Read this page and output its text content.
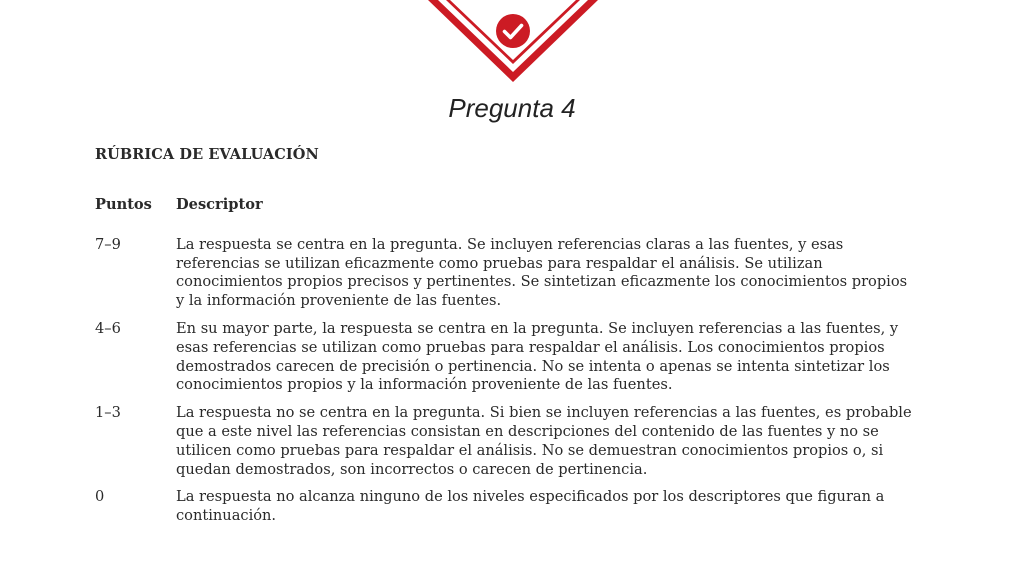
Pregunta 4
RÚBRICA DE EVALUACIÓN
Puntos	Descriptor
7–9	La respuesta se centra en la pregunta. Se incluyen referencias claras a las fuentes, y esas referencias se utilizan eficazmente como pruebas para respaldar el análisis. Se utilizan conocimientos propios precisos y pertinentes. Se sintetizan eficazmente los conocimientos propios y la información proveniente de las fuentes.
4–6	En su mayor parte, la respuesta se centra en la pregunta. Se incluyen referencias a las fuentes, y esas referencias se utilizan como pruebas para respaldar el análisis. Los conocimientos propios demostrados carecen de precisión o pertinencia. No se intenta o apenas se intenta sintetizar los conocimientos propios y la información proveniente de las fuentes.
1–3	La respuesta no se centra en la pregunta. Si bien se incluyen referencias a las fuentes, es probable que a este nivel las referencias consistan en descripciones del contenido de las fuentes y no se utilicen como pruebas para respaldar el análisis. No se demuestran conocimientos propios o, si quedan demostrados, son incorrectos o carecen de pertinencia.
0	La respuesta no alcanza ninguno de los niveles especificados por los descriptores que figuran a continuación.
